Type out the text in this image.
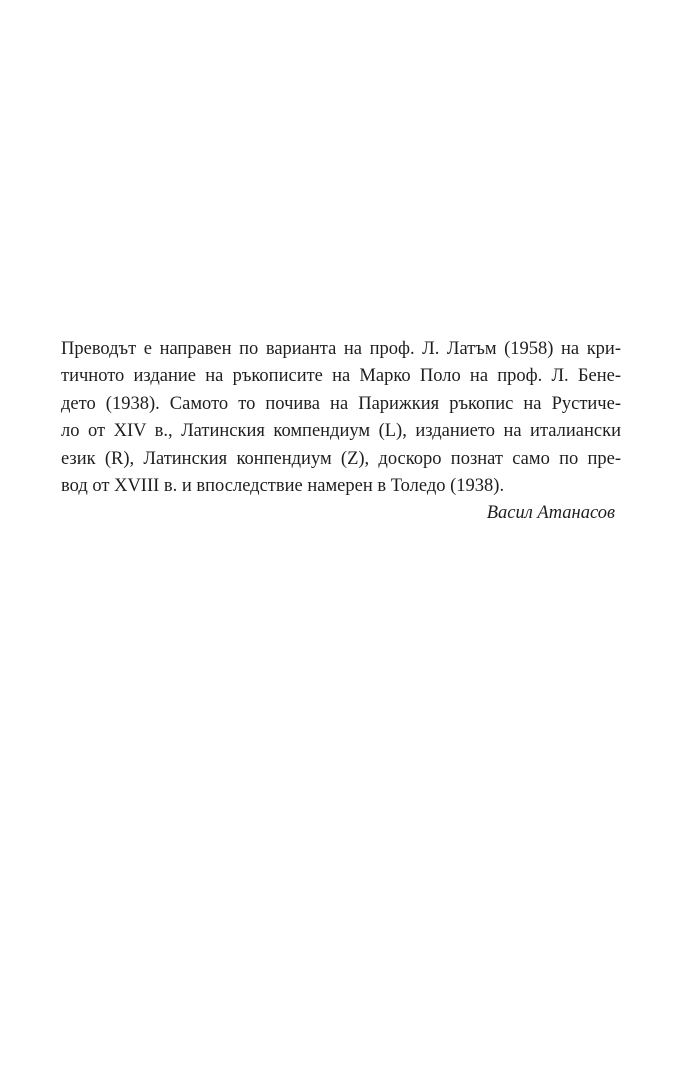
Преводът е направен по варианта на проф. Л. Латъм (1958) на кри-
тичното издание на ръкописите на Марко Поло на проф. Л. Бене-
дето (1938). Самото то почива на Парижкия ръкопис на Рустиче-
ло от XIV в., Латинския компендиум (L), изданието на италиански
език (R), Латинския конпендиум (Z), доскоро познат само по пре-
вод от XVIII в. и впоследствие намерен в Толедо (1938).
Васил Атанасов
